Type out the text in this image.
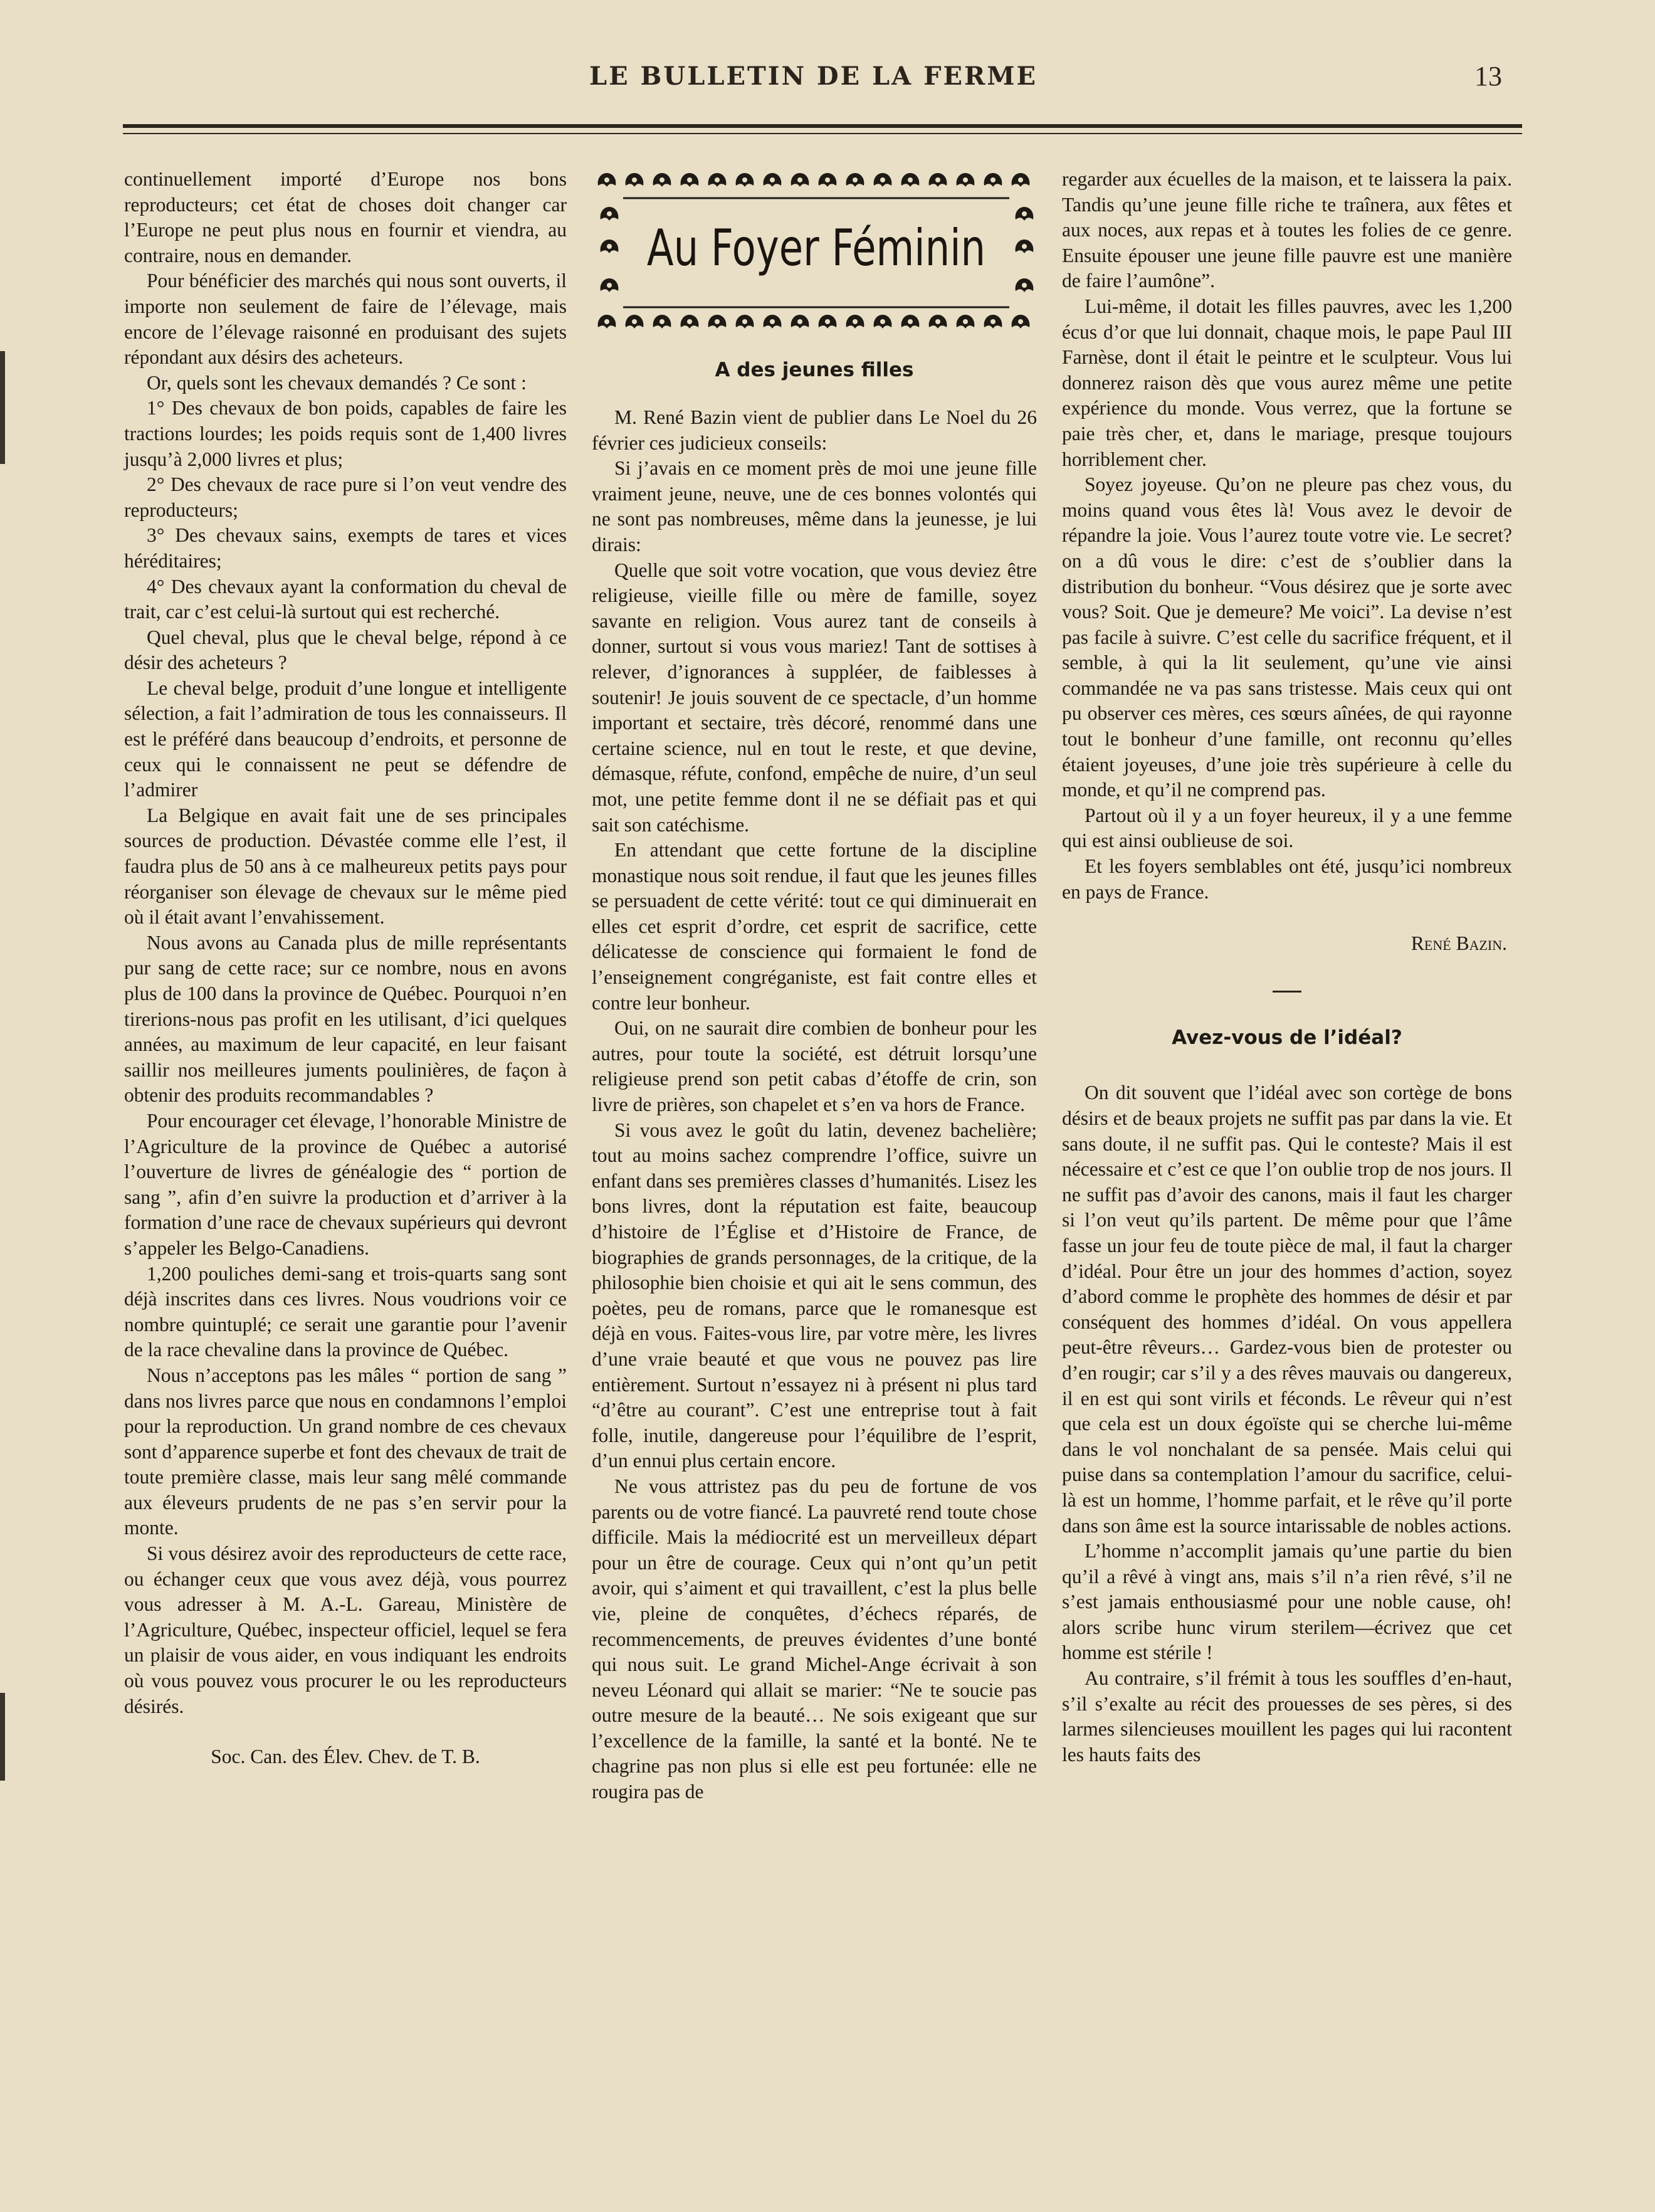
LE BULLETIN DE LA FERME	13

continuellement importé d’Europe nos bons reproducteurs; cet état de choses doit changer car l’Europe ne peut plus nous en fournir et viendra, au contraire, nous en demander.

Pour bénéficier des marchés qui nous sont ouverts, il importe non seulement de faire de l’élevage, mais encore de l’élevage raisonné en produisant des sujets répondant aux désirs des acheteurs.

Or, quels sont les chevaux demandés ? Ce sont :

1° Des chevaux de bon poids, capables de faire les tractions lourdes; les poids requis sont de 1,400 livres jusqu’à 2,000 livres et plus;

2° Des chevaux de race pure si l’on veut vendre des reproducteurs;

3° Des chevaux sains, exempts de tares et vices héréditaires;

4° Des chevaux ayant la conformation du cheval de trait, car c’est celui-là surtout qui est recherché.

Quel cheval, plus que le cheval belge, répond à ce désir des acheteurs ?

Le cheval belge, produit d’une longue et intelligente sélection, a fait l’admiration de tous les connaisseurs. Il est le préféré dans beaucoup d’endroits, et personne de ceux qui le connaissent ne peut se défendre de l’admirer

La Belgique en avait fait une de ses principales sources de production. Dévastée comme elle l’est, il faudra plus de 50 ans à ce malheureux petits pays pour réorganiser son élevage de chevaux sur le même pied où il était avant l’envahissement.

Nous avons au Canada plus de mille représentants pur sang de cette race; sur ce nombre, nous en avons plus de 100 dans la province de Québec. Pourquoi n’en tirerions-nous pas profit en les utilisant, d’ici quelques années, au maximum de leur capacité, en leur faisant saillir nos meilleures juments poulinières, de façon à obtenir des produits recommandables ?

Pour encourager cet élevage, l’honorable Ministre de l’Agriculture de la province de Québec a autorisé l’ouverture de livres de généalogie des “ portion de sang ”, afin d’en suivre la production et d’arriver à la formation d’une race de chevaux supérieurs qui devront s’appeler les Belgo-Canadiens.

1,200 pouliches demi-sang et trois-quarts sang sont déjà inscrites dans ces livres. Nous voudrions voir ce nombre quintuplé; ce serait une garantie pour l’avenir de la race chevaline dans la province de Québec.

Nous n’acceptons pas les mâles “ portion de sang ” dans nos livres parce que nous en condamnons l’emploi pour la reproduction. Un grand nombre de ces chevaux sont d’apparence superbe et font des chevaux de trait de toute première classe, mais leur sang mêlé commande aux éleveurs prudents de ne pas s’en servir pour la monte.

Si vous désirez avoir des reproducteurs de cette race, ou échanger ceux que vous avez déjà, vous pourrez vous adresser à M. A.-L. Gareau, Ministère de l’Agriculture, Québec, inspecteur officiel, lequel se fera un plaisir de vous aider, en vous indiquant les endroits où vous pouvez vous procurer le ou les reproducteurs désirés.

Soc. Can. des Élev. Chev. de T. B.

Au Foyer Féminin
A des jeunes filles

M. René Bazin vient de publier dans Le Noel du 26 février ces judicieux conseils:

Si j’avais en ce moment près de moi une jeune fille vraiment jeune, neuve, une de ces bonnes volontés qui ne sont pas nombreuses, même dans la jeunesse, je lui dirais:

Quelle que soit votre vocation, que vous deviez être religieuse, vieille fille ou mère de famille, soyez savante en religion. Vous aurez tant de conseils à donner, surtout si vous vous mariez! Tant de sottises à relever, d’ignorances à suppléer, de faiblesses à soutenir! Je jouis souvent de ce spectacle, d’un homme important et sectaire, très décoré, renommé dans une certaine science, nul en tout le reste, et que devine, démasque, réfute, confond, empêche de nuire, d’un seul mot, une petite femme dont il ne se défiait pas et qui sait son catéchisme.

En attendant que cette fortune de la discipline monastique nous soit rendue, il faut que les jeunes filles se persuadent de cette vérité: tout ce qui diminuerait en elles cet esprit d’ordre, cet esprit de sacrifice, cette délicatesse de conscience qui formaient le fond de l’enseignement congréganiste, est fait contre elles et contre leur bonheur.

Oui, on ne saurait dire combien de bonheur pour les autres, pour toute la société, est détruit lorsqu’une religieuse prend son petit cabas d’étoffe de crin, son livre de prières, son chapelet et s’en va hors de France.

Si vous avez le goût du latin, devenez bachelière; tout au moins sachez comprendre l’office, suivre un enfant dans ses premières classes d’humanités. Lisez les bons livres, dont la réputation est faite, beaucoup d’histoire de l’Église et d’Histoire de France, de biographies de grands personnages, de la critique, de la philosophie bien choisie et qui ait le sens commun, des poètes, peu de romans, parce que le romanesque est déjà en vous. Faites-vous lire, par votre mère, les livres d’une vraie beauté et que vous ne pouvez pas lire entièrement. Surtout n’essayez ni à présent ni plus tard “d’être au courant”. C’est une entreprise tout à fait folle, inutile, dangereuse pour l’équilibre de l’esprit, d’un ennui plus certain encore.

Ne vous attristez pas du peu de fortune de vos parents ou de votre fiancé. La pauvreté rend toute chose difficile. Mais la médiocrité est un merveilleux départ pour un être de courage. Ceux qui n’ont qu’un petit avoir, qui s’aiment et qui travaillent, c’est la plus belle vie, pleine de conquêtes, d’échecs réparés, de recommencements, de preuves évidentes d’une bonté qui nous suit. Le grand Michel-Ange écrivait à son neveu Léonard qui allait se marier: “Ne te soucie pas outre mesure de la beauté… Ne sois exigeant que sur l’excellence de la famille, la santé et la bonté. Ne te chagrine pas non plus si elle est peu fortunée: elle ne rougira pas de

regarder aux écuelles de la maison, et te laissera la paix. Tandis qu’une jeune fille riche te traînera, aux fêtes et aux noces, aux repas et à toutes les folies de ce genre. Ensuite épouser une jeune fille pauvre est une manière de faire l’aumône”.

Lui-même, il dotait les filles pauvres, avec les 1,200 écus d’or que lui donnait, chaque mois, le pape Paul III Farnèse, dont il était le peintre et le sculpteur. Vous lui donnerez raison dès que vous aurez même une petite expérience du monde. Vous verrez, que la fortune se paie très cher, et, dans le mariage, presque toujours horriblement cher.

Soyez joyeuse. Qu’on ne pleure pas chez vous, du moins quand vous êtes là! Vous avez le devoir de répandre la joie. Vous l’aurez toute votre vie. Le secret? on a dû vous le dire: c’est de s’oublier dans la distribution du bonheur. “Vous désirez que je sorte avec vous? Soit. Que je demeure? Me voici”. La devise n’est pas facile à suivre. C’est celle du sacrifice fréquent, et il semble, à qui la lit seulement, qu’une vie ainsi commandée ne va pas sans tristesse. Mais ceux qui ont pu observer ces mères, ces sœurs aînées, de qui rayonne tout le bonheur d’une famille, ont reconnu qu’elles étaient joyeuses, d’une joie très supérieure à celle du monde, et qu’il ne comprend pas.

Partout où il y a un foyer heureux, il y a une femme qui est ainsi oublieuse de soi.

Et les foyers semblables ont été, jusqu’ici nombreux en pays de France.

René Bazin.

Avez-vous de l’idéal?

On dit souvent que l’idéal avec son cortège de bons désirs et de beaux projets ne suffit pas par dans la vie. Et sans doute, il ne suffit pas. Qui le conteste? Mais il est nécessaire et c’est ce que l’on oublie trop de nos jours. Il ne suffit pas d’avoir des canons, mais il faut les charger si l’on veut qu’ils partent. De même pour que l’âme fasse un jour feu de toute pièce de mal, il faut la charger d’idéal. Pour être un jour des hommes d’action, soyez d’abord comme le prophète des hommes de désir et par conséquent des hommes d’idéal. On vous appellera peut-être rêveurs… Gardez-vous bien de protester ou d’en rougir; car s’il y a des rêves mauvais ou dangereux, il en est qui sont virils et féconds. Le rêveur qui n’est que cela est un doux égoïste qui se cherche lui-même dans le vol nonchalant de sa pensée. Mais celui qui puise dans sa contemplation l’amour du sacrifice, celui-là est un homme, l’homme parfait, et le rêve qu’il porte dans son âme est la source intarissable de nobles actions.

L’homme n’accomplit jamais qu’une partie du bien qu’il a rêvé à vingt ans, mais s’il n’a rien rêvé, s’il ne s’est jamais enthousiasmé pour une noble cause, oh! alors scribe hunc virum sterilem—écrivez que cet homme est stérile !

Au contraire, s’il frémit à tous les souffles d’en-haut, s’il s’exalte au récit des prouesses de ses pères, si des larmes silencieuses mouillent les pages qui lui racontent les hauts faits des
